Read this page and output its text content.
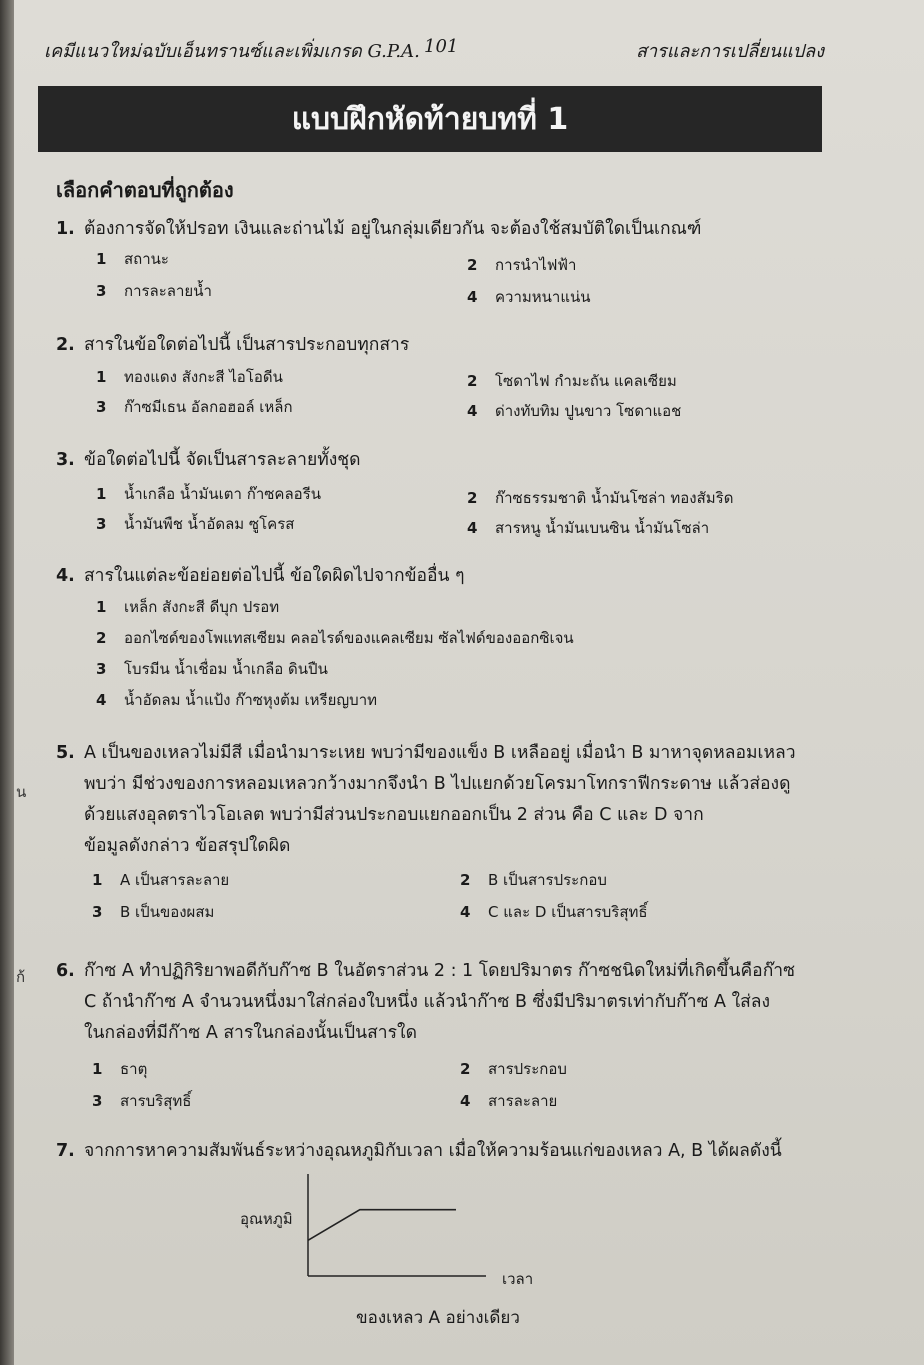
น
ก้
เคมีแนวใหม่ฉบับเอ็นทรานซ์และเพิ่มเกรด G.P.A. 101	สารและการเปลี่ยนแปลง
แบบฝึกหัดท้ายบทที่ 1
เลือกคำตอบที่ถูกต้อง
1. ต้องการจัดให้ปรอท เงินและถ่านไม้ อยู่ในกลุ่มเดียวกัน จะต้องใช้สมบัติใดเป็นเกณฑ์
1 สถานะ	2 การนำไฟฟ้า
3 การละลายน้ำ	4 ความหนาแน่น
2. สารในข้อใดต่อไปนี้ เป็นสารประกอบทุกสาร
1 ทองแดง สังกะสี ไอโอดีน	2 โซดาไฟ กำมะถัน แคลเซียม
3 ก๊าซมีเธน อัลกอฮอล์ เหล็ก	4 ด่างทับทิม ปูนขาว โซดาแอช
3. ข้อใดต่อไปนี้ จัดเป็นสารละลายทั้งชุด
1 น้ำเกลือ น้ำมันเตา ก๊าซคลอรีน	2 ก๊าซธรรมชาติ น้ำมันโซล่า ทองสัมริด
3 น้ำมันพืช น้ำอัดลม ซูโครส	4 สารหนู น้ำมันเบนซิน น้ำมันโซล่า
4. สารในแต่ละข้อย่อยต่อไปนี้ ข้อใดผิดไปจากข้ออื่น ๆ
1 เหล็ก สังกะสี ดีบุก ปรอท
2 ออกไซด์ของโพแทสเซียม คลอไรด์ของแคลเซียม ซัลไฟด์ของออกซิเจน
3 โบรมีน น้ำเชื่อม น้ำเกลือ ดินปืน
4 น้ำอัดลม น้ำแป้ง ก๊าซหุงต้ม เหรียญบาท
5. A เป็นของเหลวไม่มีสี เมื่อนำมาระเหย พบว่ามีของแข็ง B เหลืออยู่ เมื่อนำ B มาหาจุดหลอมเหลว
พบว่า มีช่วงของการหลอมเหลวกว้างมากจึงนำ B ไปแยกด้วยโครมาโทกราฟีกระดาษ แล้วส่องดู
ด้วยแสงอุลตราไวโอเลต พบว่ามีส่วนประกอบแยกออกเป็น 2 ส่วน คือ C และ D จาก
ข้อมูลดังกล่าว ข้อสรุปใดผิด
1 A เป็นสารละลาย	2 B เป็นสารประกอบ
3 B เป็นของผสม	4 C และ D เป็นสารบริสุทธิ์
6. ก๊าซ A ทำปฏิกิริยาพอดีกับก๊าซ B ในอัตราส่วน 2 : 1 โดยปริมาตร ก๊าซชนิดใหม่ที่เกิดขึ้นคือก๊าซ
C ถ้านำก๊าซ A จำนวนหนึ่งมาใส่กล่องใบหนึ่ง แล้วนำก๊าซ B ซึ่งมีปริมาตรเท่ากับก๊าซ A ใส่ลง
ในกล่องที่มีก๊าซ A สารในกล่องนั้นเป็นสารใด
1 ธาตุ	2 สารประกอบ
3 สารบริสุทธิ์	4 สารละลาย
7. จากการหาความสัมพันธ์ระหว่างอุณหภูมิกับเวลา เมื่อให้ความร้อนแก่ของเหลว A, B ได้ผลดังนี้
อุณหภูมิ
เวลา
ของเหลว A อย่างเดียว
